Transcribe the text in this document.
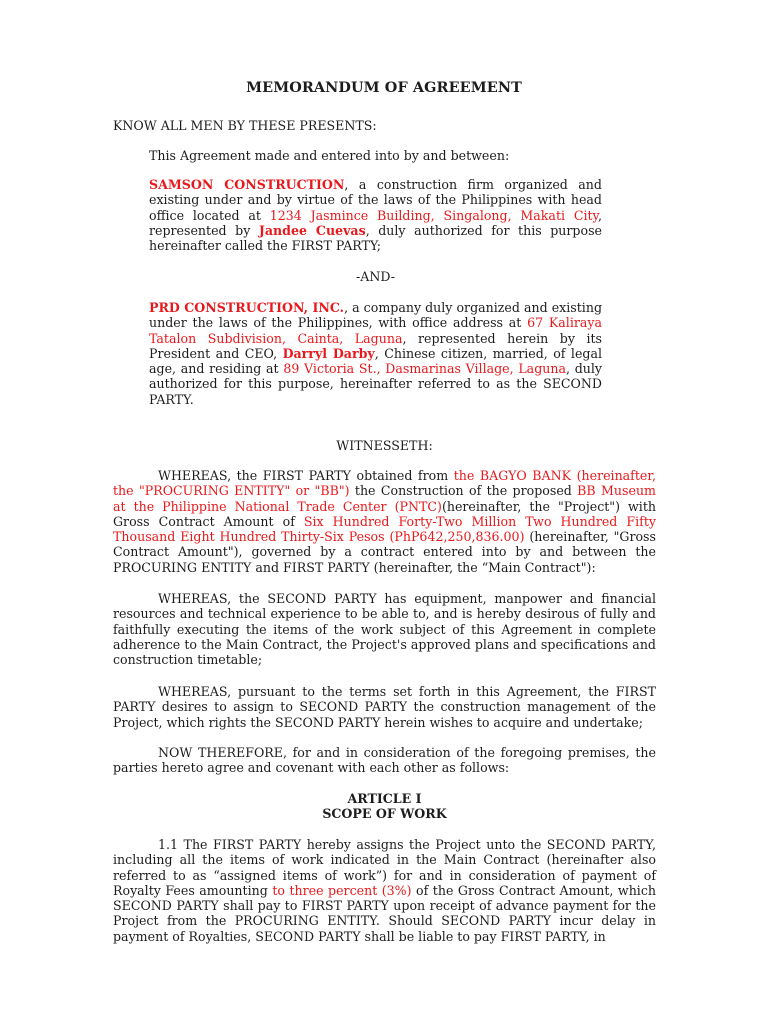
MEMORANDUM OF AGREEMENT

KNOW ALL MEN BY THESE PRESENTS:

This Agreement made and entered into by and between:

SAMSON CONSTRUCTION, a construction firm organized and existing under and by virtue of the laws of the Philippines with head office located at 1234 Jasmince Building, Singalong, Makati City, represented by Jandee Cuevas, duly authorized for this purpose hereinafter called the FIRST PARTY;

-AND-

PRD CONSTRUCTION, INC., a company duly organized and existing under the laws of the Philippines, with office address at 67 Kaliraya Tatalon Subdivision, Cainta, Laguna, represented herein by its President and CEO, Darryl Darby, Chinese citizen, married, of legal age, and residing at 89 Victoria St., Dasmarinas Village, Laguna, duly authorized for this purpose, hereinafter referred to as the SECOND PARTY.

WITNESSETH:

WHEREAS, the FIRST PARTY obtained from the BAGYO BANK (hereinafter, the "PROCURING ENTITY" or "BB") the Construction of the proposed BB Museum at the Philippine National Trade Center (PNTC)(hereinafter, the "Project") with Gross Contract Amount of Six Hundred Forty-Two Million Two Hundred Fifty Thousand Eight Hundred Thirty-Six Pesos (PhP642,250,836.00) (hereinafter, "Gross Contract Amount"), governed by a contract entered into by and between the PROCURING ENTITY and FIRST PARTY (hereinafter, the “Main Contract"):

WHEREAS, the SECOND PARTY has equipment, manpower and financial resources and technical experience to be able to, and is hereby desirous of fully and faithfully executing the items of the work subject of this Agreement in complete adherence to the Main Contract, the Project's approved plans and specifications and construction timetable;

WHEREAS, pursuant to the terms set forth in this Agreement, the FIRST PARTY desires to assign to SECOND PARTY the construction management of the Project, which rights the SECOND PARTY herein wishes to acquire and undertake;

NOW THEREFORE, for and in consideration of the foregoing premises, the parties hereto agree and covenant with each other as follows:

ARTICLE I

SCOPE OF WORK

1.1 The FIRST PARTY hereby assigns the Project unto the SECOND PARTY, including all the items of work indicated in the Main Contract (hereinafter also referred to as “assigned items of work”) for and in consideration of payment of Royalty Fees amounting to three percent (3%) of the Gross Contract Amount, which SECOND PARTY shall pay to FIRST PARTY upon receipt of advance payment for the Project from the PROCURING ENTITY. Should SECOND PARTY incur delay in payment of Royalties, SECOND PARTY shall be liable to pay FIRST PARTY, in
